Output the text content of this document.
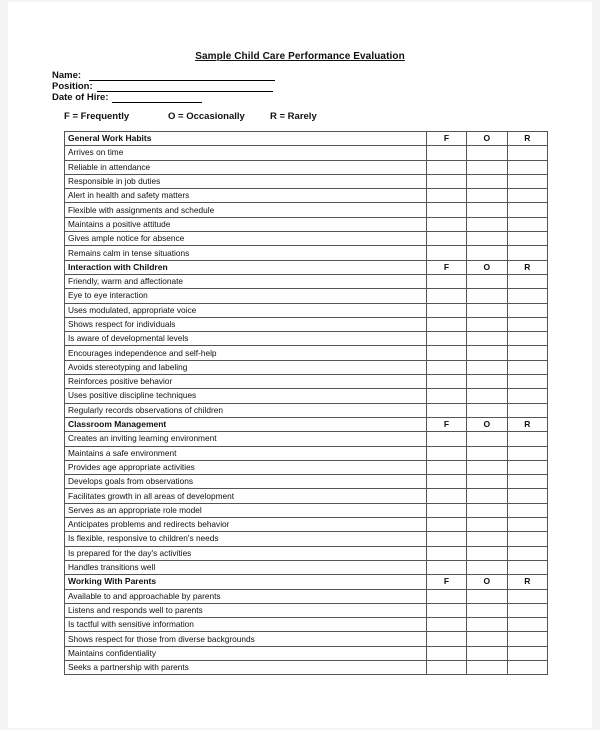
Sample Child Care Performance Evaluation
Name:
Position:
Date of Hire:
F = Frequently	O = Occasionally	R = Rarely
General Work Habits	F	O	R
Arrives on time			
Reliable in attendance			
Responsible in job duties			
Alert in health and safety matters			
Flexible with assignments and schedule			
Maintains a positive attitude			
Gives ample notice for absence			
Remains calm in tense situations			
Interaction with Children	F	O	R
Friendly, warm and affectionate			
Eye to eye interaction			
Uses modulated, appropriate voice			
Shows respect for individuals			
Is aware of developmental levels			
Encourages independence and self-help			
Avoids stereotyping and labeling			
Reinforces positive behavior			
Uses positive discipline techniques			
Regularly records observations of children			
Classroom Management	F	O	R
Creates an inviting learning environment			
Maintains a safe environment			
Provides age appropriate activities			
Develops goals from observations			
Facilitates growth in all areas of development			
Serves as an appropriate role model			
Anticipates problems and redirects behavior			
Is flexible, responsive to children's needs			
Is prepared for the day's activities			
Handles transitions well			
Working With Parents	F	O	R
Available to and approachable by parents			
Listens and responds well to parents			
Is tactful with sensitive information			
Shows respect for those from diverse backgrounds			
Maintains confidentiality			
Seeks a partnership with parents			
